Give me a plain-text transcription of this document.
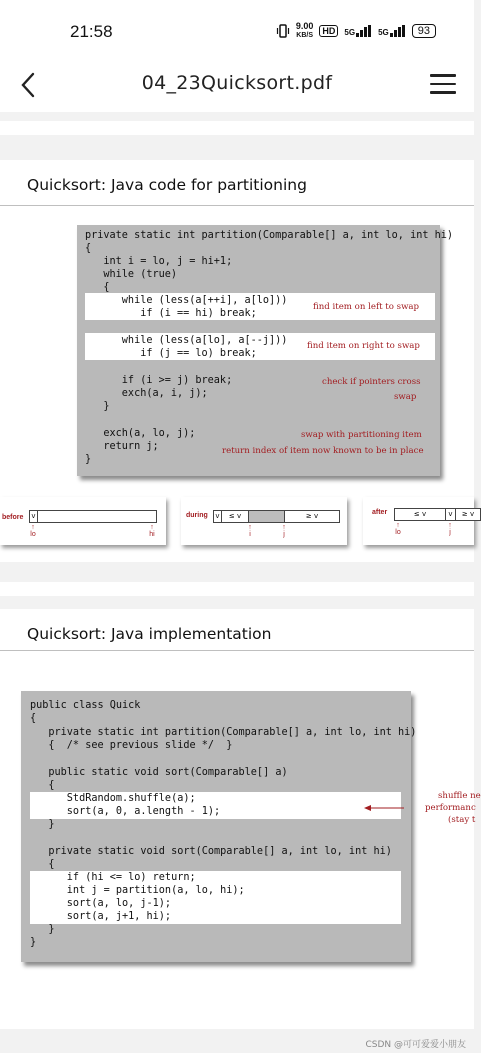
21:58	9.00
KB/S	HD	5G	5G	93
04_23Quicksort.pdf
Quicksort: Java code for partitioning
private static int partition(Comparable[] a, int lo, int hi)
{
int i = lo, j = hi+1;
while (true)
{
while (less(a[++i], a[lo]))
if (i == hi) break;
while (less(a[lo], a[--j]))
if (j == lo) break;
if (i >= j) break;
exch(a, i, j);
}
exch(a, lo, j);
return j;
}
find item on left to swap
find item on right to swap
check if pointers cross
swap
swap with partitioning item
return index of item now known to be in place
before	v
↑
lo
↑
hi
during	v	≤ v	≥ v
↑
i
↑
j
after	≤ v	v	≥ v
↑
lo
↑
j
Quicksort: Java implementation
public class Quick
{
private static int partition(Comparable[] a, int lo, int hi)
{  /* see previous slide */  }
public static void sort(Comparable[] a)
{
StdRandom.shuffle(a);
sort(a, 0, a.length - 1);
}
private static void sort(Comparable[] a, int lo, int hi)
{
if (hi <= lo) return;
int j = partition(a, lo, hi);
sort(a, lo, j-1);
sort(a, j+1, hi);
}
}
shuffle ne
performanc
(stay t
CSDN @可可爱爱小朋友
